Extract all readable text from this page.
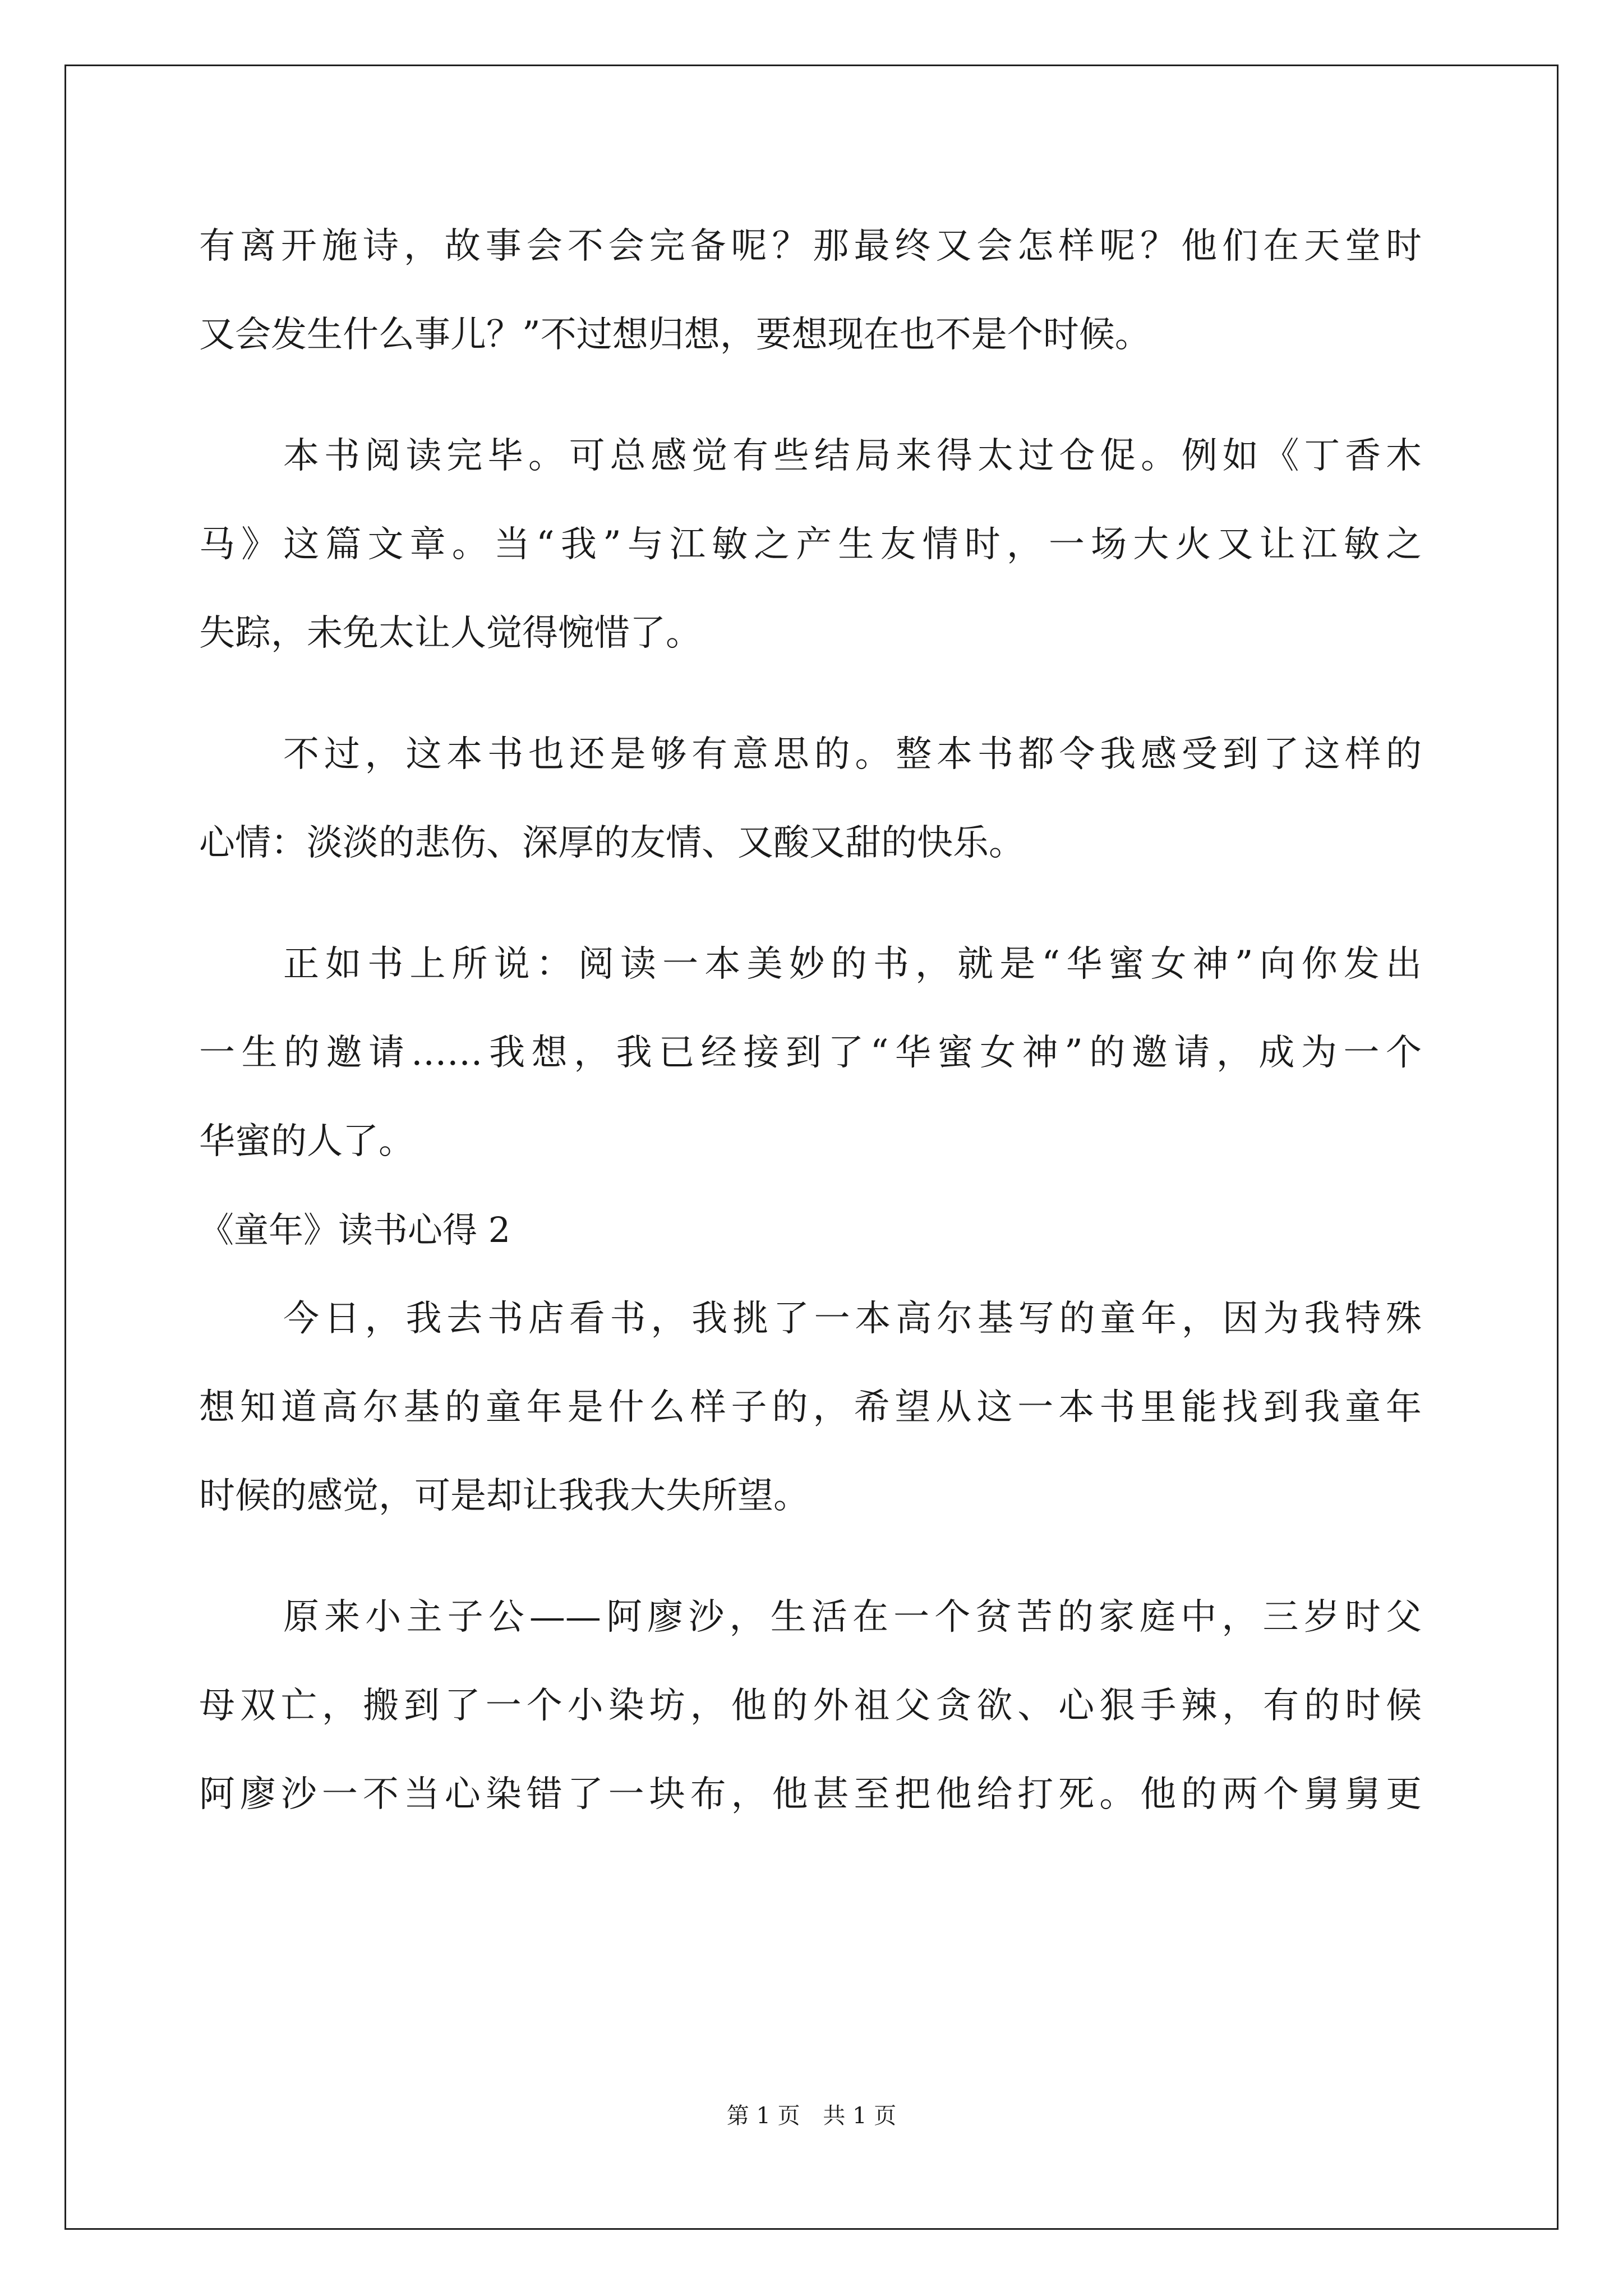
有离开施诗，故事会不会完备呢？那最终又会怎样呢？他们在天堂时
又会发生什么事儿？”不过想归想，要想现在也不是个时候。
本书阅读完毕。可总感觉有些结局来得太过仓促。例如《丁香木
马》这篇文章。当“我”与江敏之产生友情时，一场大火又让江敏之
失踪，未免太让人觉得惋惜了。
不过，这本书也还是够有意思的。整本书都令我感受到了这样的
心情：淡淡的悲伤、深厚的友情、又酸又甜的快乐。
正如书上所说：阅读一本美妙的书，就是“华蜜女神”向你发出
一生的邀请……我想，我已经接到了“华蜜女神”的邀请，成为一个
华蜜的人了。
《童年》读书心得 2
今日，我去书店看书，我挑了一本高尔基写的童年，因为我特殊
想知道高尔基的童年是什么样子的，希望从这一本书里能找到我童年
时候的感觉，可是却让我我大失所望。
原来小主子公——阿廖沙，生活在一个贫苦的家庭中，三岁时父
母双亡，搬到了一个小染坊，他的外祖父贪欲、心狠手辣，有的时候
阿廖沙一不当心染错了一块布，他甚至把他给打死。他的两个舅舅更
第 1 页 共 1 页
